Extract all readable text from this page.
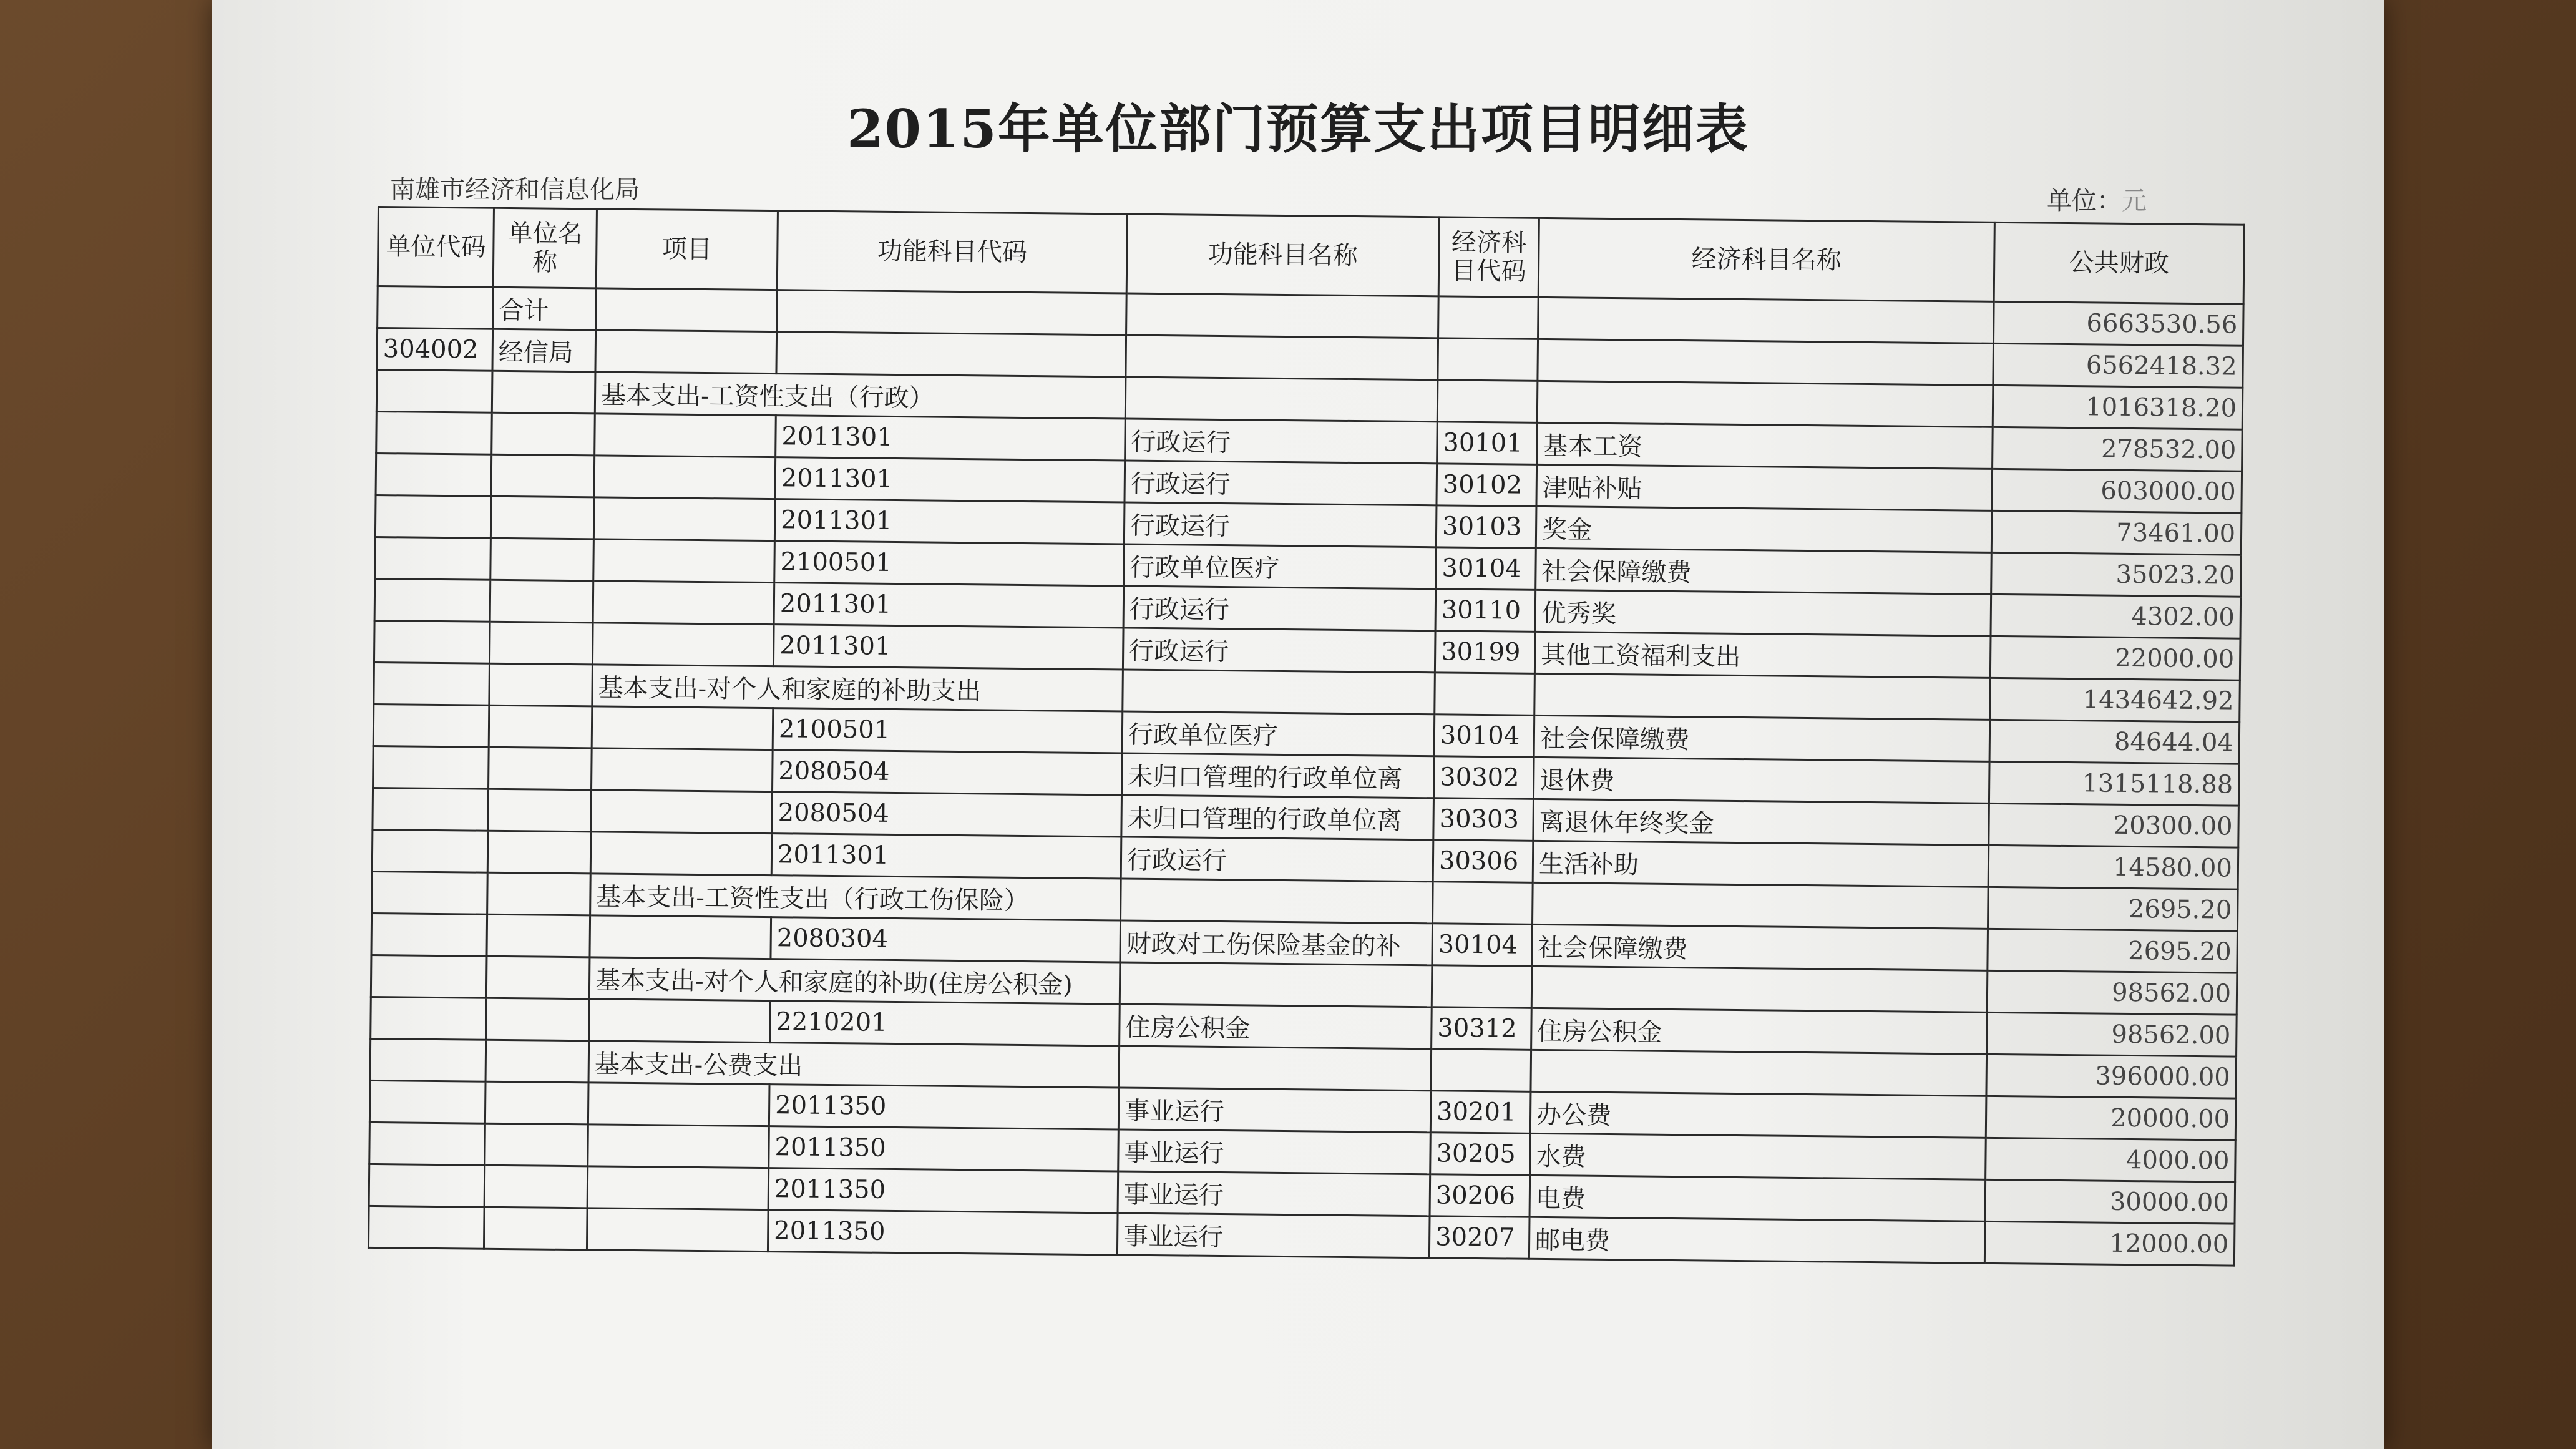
2015年单位部门预算支出项目明细表
南雄市经济和信息化局	单位：元
单位代码	单位名称	项目	功能科目代码	功能科目名称	经济科目代码	经济科目名称	公共财政
	合计						6663530.56
304002	经信局						6562418.32
		基本支出-工资性支出（行政）					1016318.20
			2011301	行政运行	30101	基本工资	278532.00
			2011301	行政运行	30102	津贴补贴	603000.00
			2011301	行政运行	30103	奖金	73461.00
			2100501	行政单位医疗	30104	社会保障缴费	35023.20
			2011301	行政运行	30110	优秀奖	4302.00
			2011301	行政运行	30199	其他工资福利支出	22000.00
		基本支出-对个人和家庭的补助支出					1434642.92
			2100501	行政单位医疗	30104	社会保障缴费	84644.04
			2080504	未归口管理的行政单位离	30302	退休费	1315118.88
			2080504	未归口管理的行政单位离	30303	离退休年终奖金	20300.00
			2011301	行政运行	30306	生活补助	14580.00
		基本支出-工资性支出（行政工伤保险）					2695.20
			2080304	财政对工伤保险基金的补	30104	社会保障缴费	2695.20
		基本支出-对个人和家庭的补助(住房公积金)					98562.00
			2210201	住房公积金	30312	住房公积金	98562.00
		基本支出-公费支出					396000.00
			2011350	事业运行	30201	办公费	20000.00
			2011350	事业运行	30205	水费	4000.00
			2011350	事业运行	30206	电费	30000.00
			2011350	事业运行	30207	邮电费	12000.00
